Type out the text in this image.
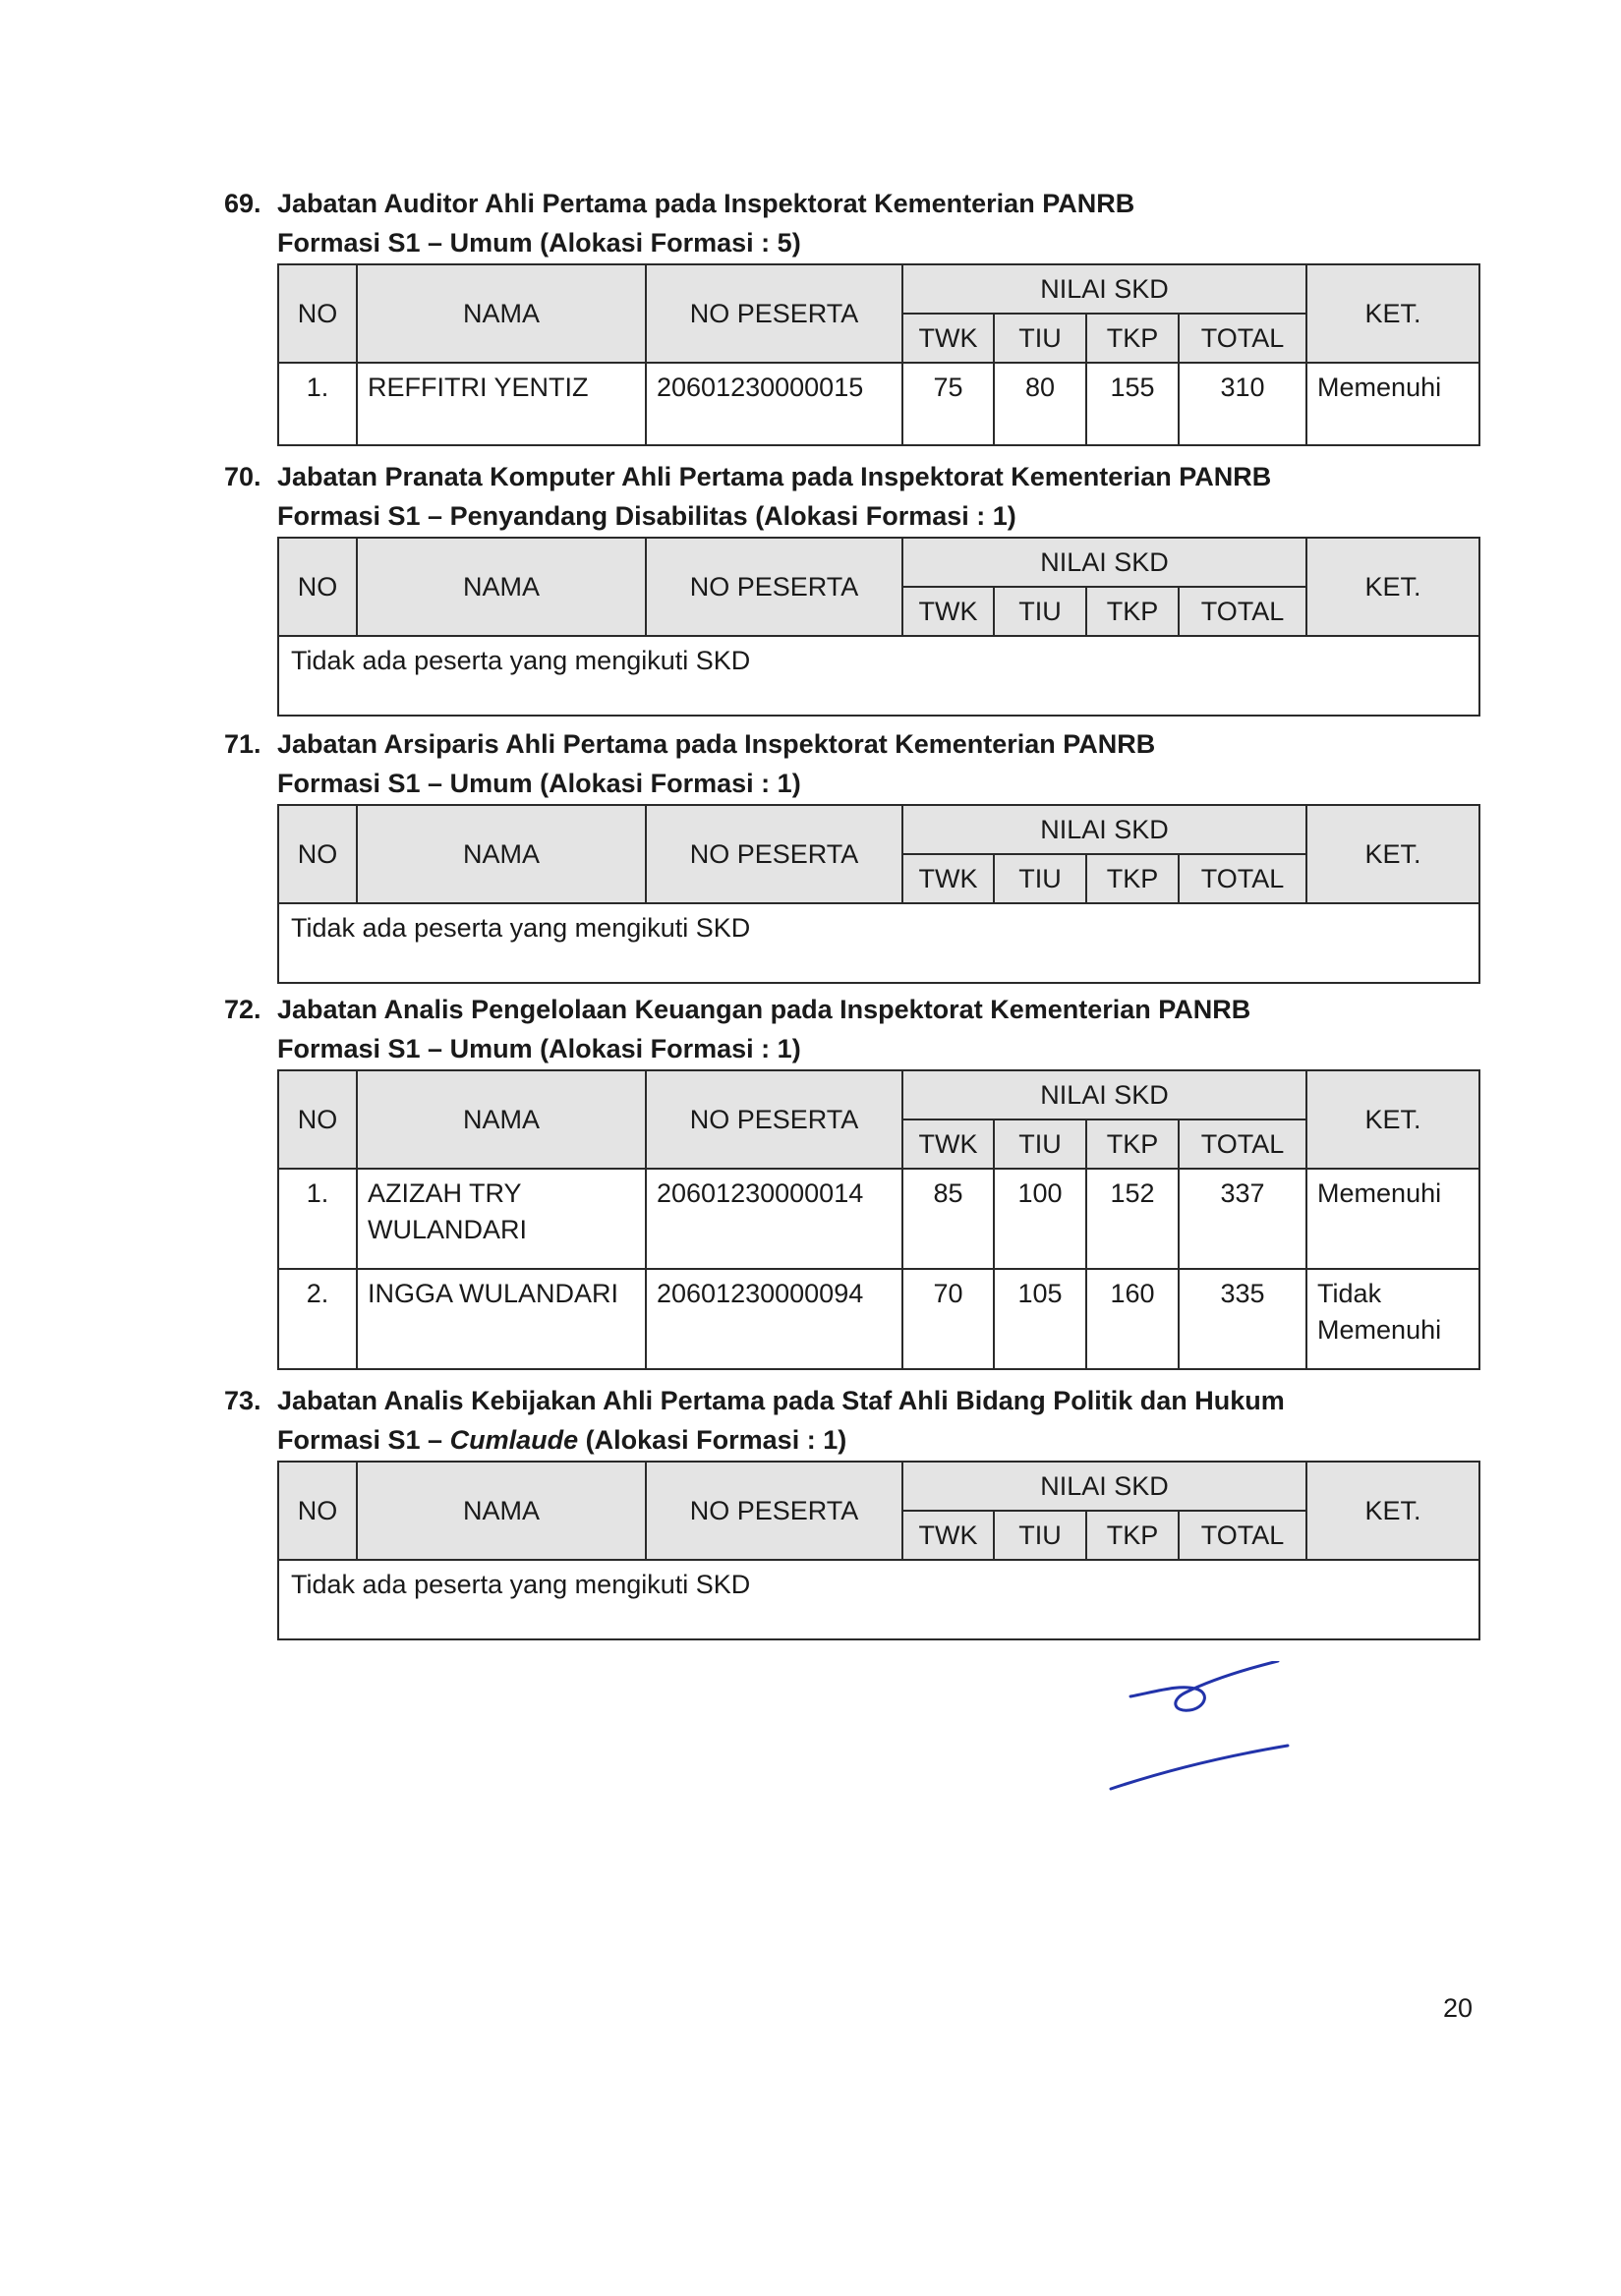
69. Jabatan Auditor Ahli Pertama pada Inspektorat Kementerian PANRB
Formasi S1 – Umum (Alokasi Formasi : 5)
NO	NAMA	NO PESERTA	NILAI SKD				KET.
			TWK	TIU	TKP	TOTAL	
1.	REFFITRI YENTIZ	20601230000015	75	80	155	310	Memenuhi
70. Jabatan Pranata Komputer Ahli Pertama pada Inspektorat Kementerian PANRB
Formasi S1 – Penyandang Disabilitas (Alokasi Formasi : 1)
NO	NAMA	NO PESERTA	NILAI SKD				KET.
			TWK	TIU	TKP	TOTAL	
Tidak ada peserta yang mengikuti SKD							
71. Jabatan Arsiparis Ahli Pertama pada Inspektorat Kementerian PANRB
Formasi S1 – Umum (Alokasi Formasi : 1)
NO	NAMA	NO PESERTA	NILAI SKD				KET.
			TWK	TIU	TKP	TOTAL	
Tidak ada peserta yang mengikuti SKD							
72. Jabatan Analis Pengelolaan Keuangan pada Inspektorat Kementerian PANRB
Formasi S1 – Umum (Alokasi Formasi : 1)
NO	NAMA	NO PESERTA	NILAI SKD				KET.
			TWK	TIU	TKP	TOTAL	
1.	AZIZAH TRY WULANDARI	20601230000014	85	100	152	337	Memenuhi
2.	INGGA WULANDARI	20601230000094	70	105	160	335	Tidak Memenuhi
73. Jabatan Analis Kebijakan Ahli Pertama pada Staf Ahli Bidang Politik dan Hukum
Formasi S1 – Cumlaude (Alokasi Formasi : 1)
NO	NAMA	NO PESERTA	NILAI SKD				KET.
			TWK	TIU	TKP	TOTAL	
Tidak ada peserta yang mengikuti SKD							
20
